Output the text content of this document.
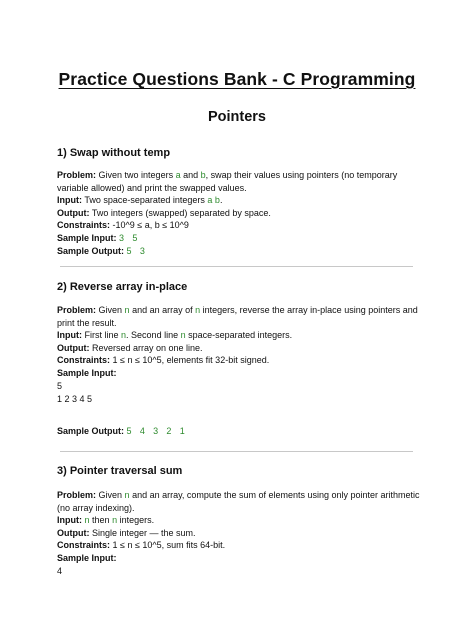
Practice Questions Bank - C Programming
Pointers
1) Swap without temp
Problem: Given two integers a and b, swap their values using pointers (no temporary
variable allowed) and print the swapped values.
Input: Two space-separated integers a b.
Output: Two integers (swapped) separated by space.
Constraints: -10^9 ≤ a, b ≤ 10^9
Sample Input: 3   5
Sample Output: 5   3
2) Reverse array in-place
Problem: Given n and an array of n integers, reverse the array in-place using pointers and
print the result.
Input: First line n. Second line n space-separated integers.
Output: Reversed array on one line.
Constraints: 1 ≤ n ≤ 10^5, elements fit 32-bit signed.
Sample Input:
5
1 2 3 4 5
Sample Output: 5   4   3   2   1
3) Pointer traversal sum
Problem: Given n and an array, compute the sum of elements using only pointer arithmetic
(no array indexing).
Input: n then n integers.
Output: Single integer — the sum.
Constraints: 1 ≤ n ≤ 10^5, sum fits 64-bit.
Sample Input:
4
